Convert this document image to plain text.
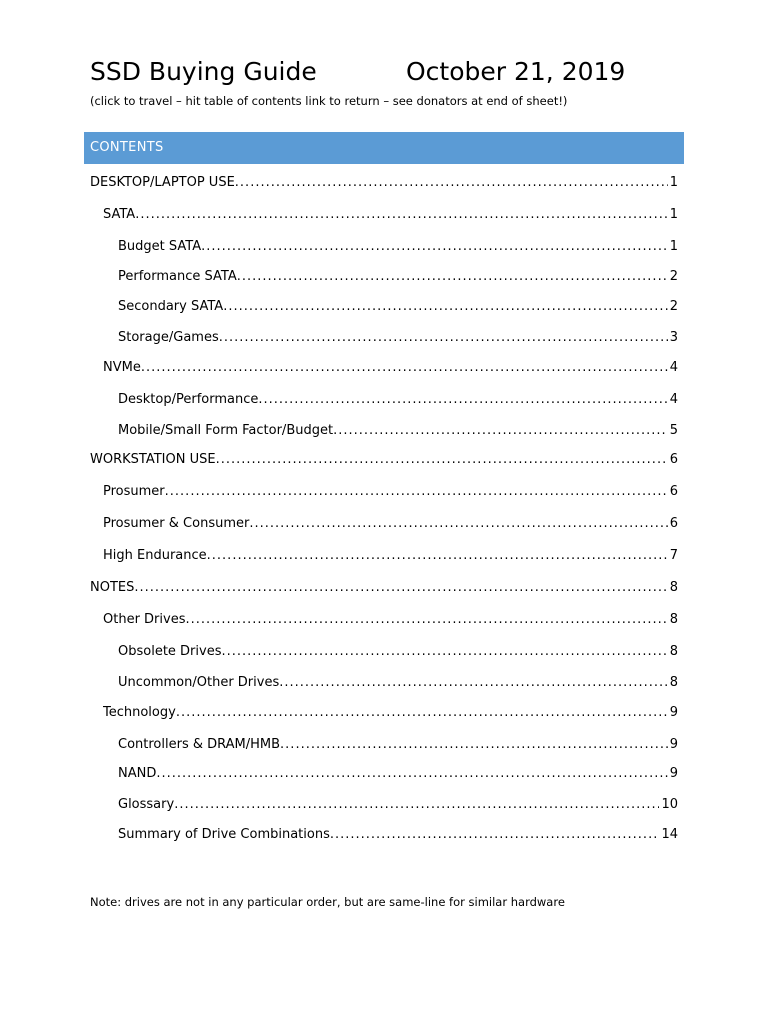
SSD Buying Guide	October 21, 2019
(click to travel – hit table of contents link to return – see donators at end of sheet!)
CONTENTS
DESKTOP/LAPTOP USE .....	1
SATA .....	1
Budget SATA .....	1
Performance SATA .....	2
Secondary SATA .....	2
Storage/Games .....	3
NVMe .....	4
Desktop/Performance .....	4
Mobile/Small Form Factor/Budget .....	5
WORKSTATION USE .....	6
Prosumer .....	6
Prosumer & Consumer .....	6
High Endurance .....	7
NOTES .....	8
Other Drives .....	8
Obsolete Drives .....	8
Uncommon/Other Drives .....	8
Technology .....	9
Controllers & DRAM/HMB .....	9
NAND .....	9
Glossary .....	10
Summary of Drive Combinations .....	14
Note: drives are not in any particular order, but are same-line for similar hardware
